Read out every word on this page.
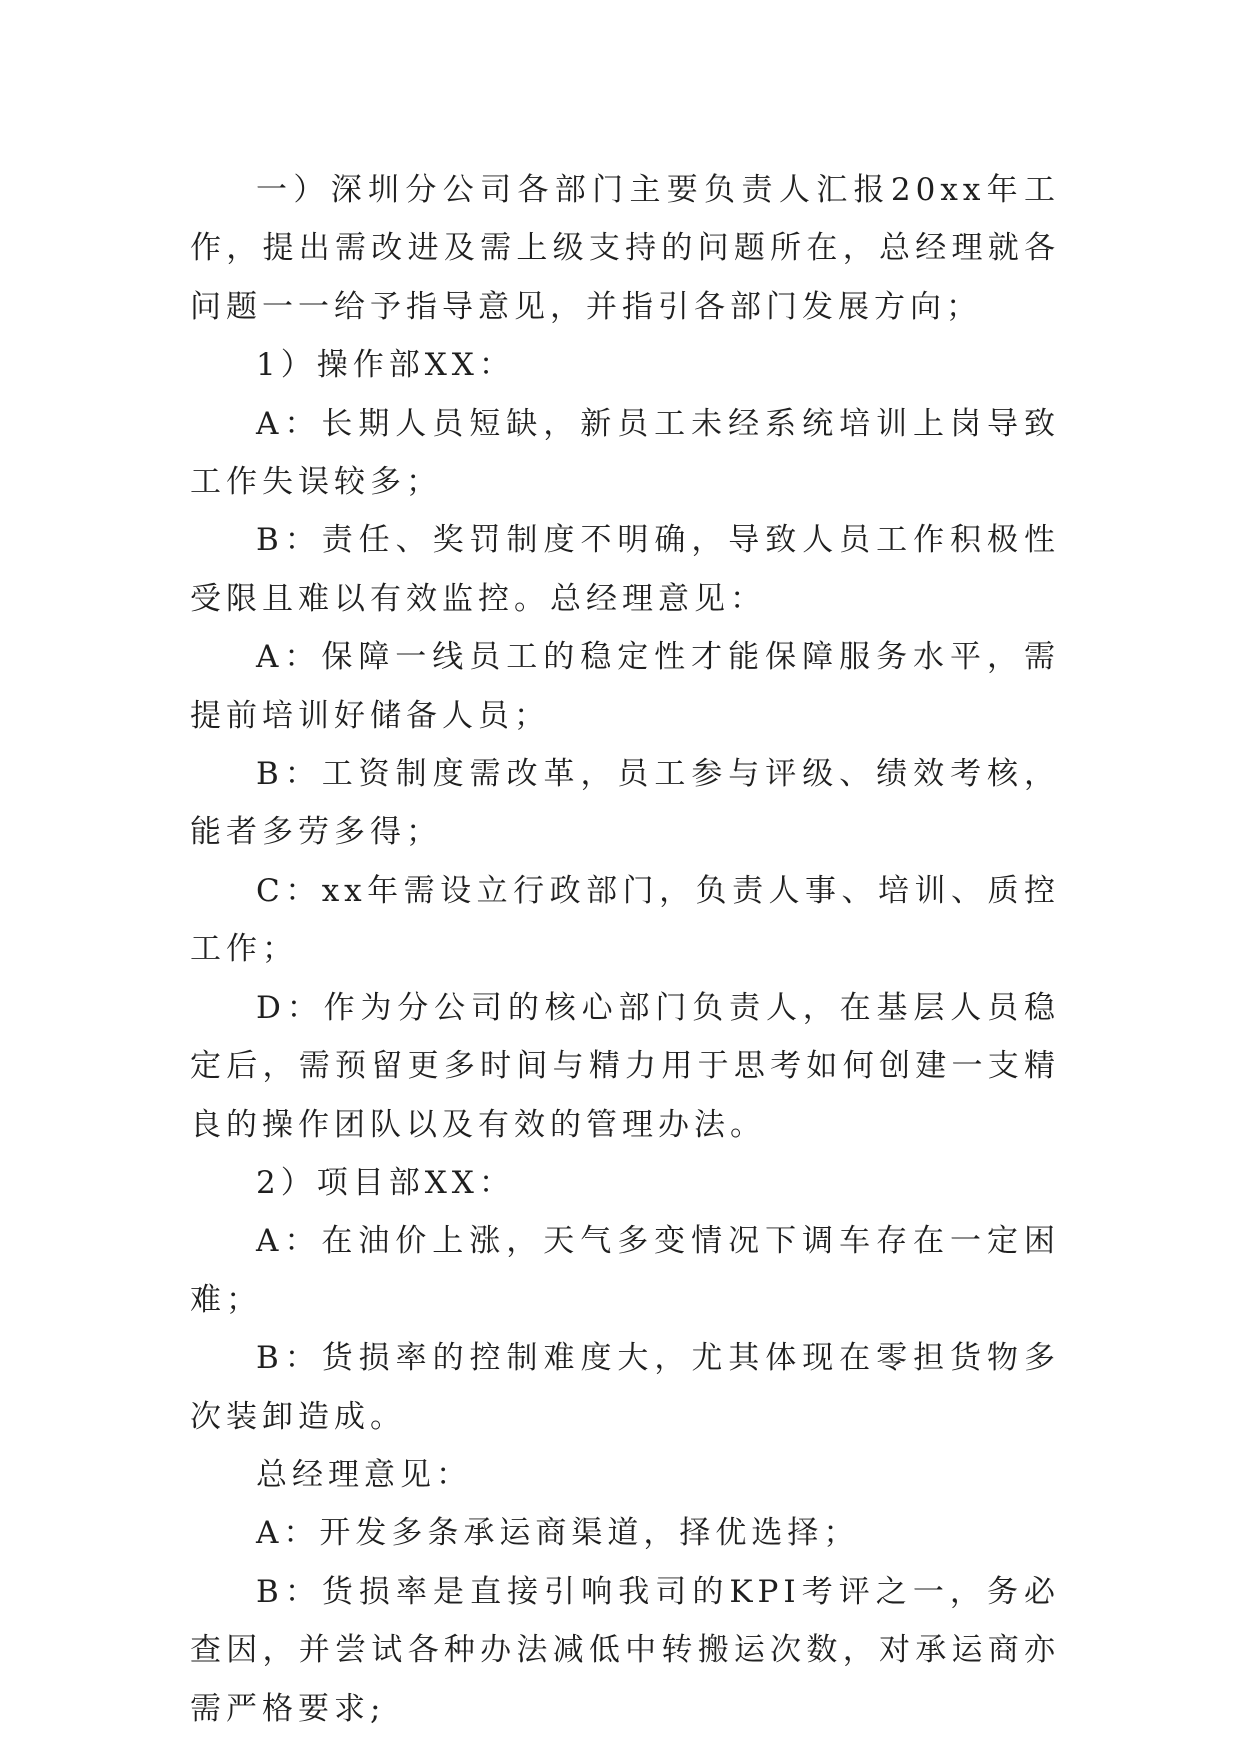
一）深圳分公司各部门主要负责人汇报20xx年工作，提出需改进及需上级支持的问题所在，总经理就各问题一一给予指导意见，并指引各部门发展方向；

1）操作部XX：

A：长期人员短缺，新员工未经系统培训上岗导致工作失误较多；

B：责任、奖罚制度不明确，导致人员工作积极性受限且难以有效监控。总经理意见：

A：保障一线员工的稳定性才能保障服务水平，需提前培训好储备人员；

B：工资制度需改革，员工参与评级、绩效考核，能者多劳多得；

C：xx年需设立行政部门，负责人事、培训、质控工作；

D：作为分公司的核心部门负责人，在基层人员稳定后，需预留更多时间与精力用于思考如何创建一支精良的操作团队以及有效的管理办法。

2）项目部XX：

A：在油价上涨，天气多变情况下调车存在一定困难；

B：货损率的控制难度大，尤其体现在零担货物多次装卸造成。

总经理意见：

A：开发多条承运商渠道，择优选择；

B：货损率是直接引响我司的KPI考评之一，务必查因，并尝试各种办法减低中转搬运次数，对承运商亦需严格要求;
